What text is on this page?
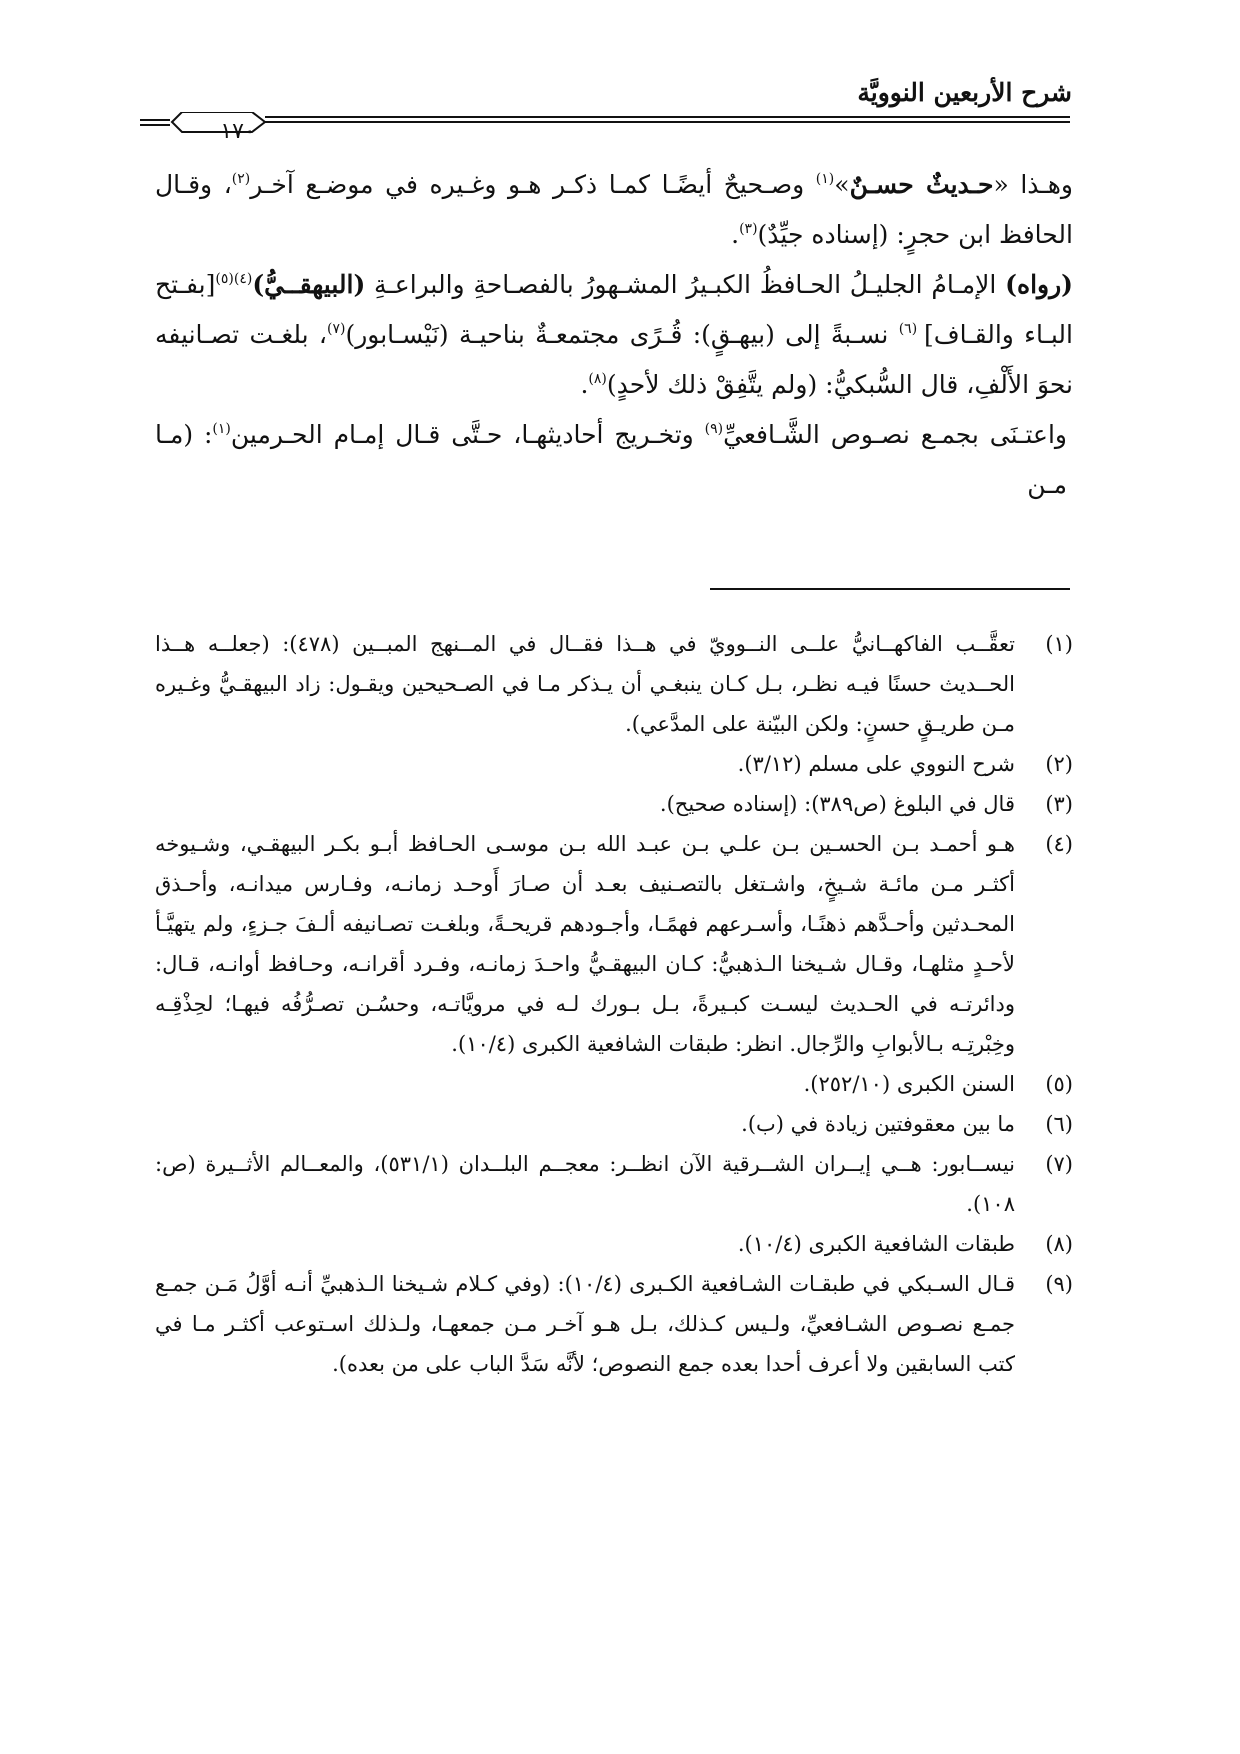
شرح الأربعين النوويَّة
١٧٠

وهـذا «حـديثٌ حسـنٌ»$^{(١)}$ وصـحيحٌ أيضًـا كمـا ذكـر هـو وغـيره في موضـع آخـر$^{(٢)}$، وقـال الحافظ ابن حجرٍ: (إسناده جيِّدٌ)$^{(٣)}$.

(رواه) الإمـامُ الجليـلُ الحـافظُ الكبـيرُ المشـهورُ بالفصـاحةِ والبراعـةِ (البيهقــيُّ)$^{(٤)(٥)}$[بفـتح البـاء والقـاف] $^{(٦)}$ نسـبةً إلى (بيهـقٍ): قُـرًى مجتمعـةٌ بناحيـة (نَيْسـابور)$^{(٧)}$، بلغـت تصـانيفه نحوَ الأَلْفِ، قال السُّبكيُّ: (ولم يتَّفِقْ ذلك لأحدٍ)$^{(٨)}$.

واعتـنَى بجمـع نصـوص الشَّـافعيِّ$^{(٩)}$ وتخـريج أحاديثهـا، حـتَّى قـال إمـام الحـرمين$^{(١)}$: (مـا مـن

(١)
تعقَّــب الفاكهــانيُّ علــى النــوويّ في هــذا فقــال في المــنهج المبــين (٤٧٨): (جعلــه هــذا الحــديث حسنًا فيـه نظـر، بـل كـان ينبغـي أن يـذكر مـا في الصـحيحين ويقـول: زاد البيهقـيُّ وغـيره مـن طريـقٍ حسنٍ: ولكن البيّنة على المدَّعي).
(٢)
شرح النووي على مسلم (٣/١٢).
(٣)
قال في البلوغ (ص٣٨٩): (إسناده صحيح).
(٤)
هـو أحمـد بـن الحسـين بـن علـي بـن عبـد الله بـن موسـى الحـافظ أبـو بكـر البيهقـي، وشـيوخه أكثـر مـن مائـة شـيخٍ، واشـتغل بالتصـنيف بعـد أن صـارَ أَوحـد زمانـه، وفـارس ميدانـه، وأحـذق المحـدثين وأحـدَّهم ذهنًـا، وأسـرعهم فهمًـا، وأجـودهم قريحـةً، وبلغـت تصـانيفه ألـفَ جـزءٍ، ولم يتهيَّـأ لأحـدٍ مثلهـا، وقـال شـيخنا الـذهبيُّ: كـان البيهقـيُّ واحـدَ زمانـه، وفـرد أقرانـه، وحـافظ أوانـه، قـال: ودائرتـه في الحـديث ليسـت كبـيرةً، بـل بـورك لـه في مرويَّاتـه، وحسُـن تصـرُّفُه فيهـا؛ لحِذْقِـه وخِبْرتِـه بـالأبوابِ والرِّجال. انظر: طبقات الشافعية الكبرى (١٠/٤).
(٥)
السنن الكبرى (٢٥٢/١٠).
(٦)
ما بين معقوفتين زيادة في (ب).
(٧)
نيســابور: هــي إيــران الشــرقية الآن انظــر: معجــم البلــدان (٥٣١/١)، والمعــالم الأثــيرة (ص: ١٠٨).
(٨)
طبقات الشافعية الكبرى (١٠/٤).
(٩)
قـال السـبكي في طبقـات الشـافعية الكـبرى (١٠/٤): (وفي كـلام شـيخنا الـذهبيِّ أنـه أوَّلُ مَـن جمـع جمـع نصـوص الشـافعيِّ، ولـيس كـذلك، بـل هـو آخـر مـن جمعهـا، ولـذلك اسـتوعب أكثـر مـا في كتب السابقين ولا أعرف أحدا بعده جمع النصوص؛ لأنَّه سَدَّ الباب على من بعده).
